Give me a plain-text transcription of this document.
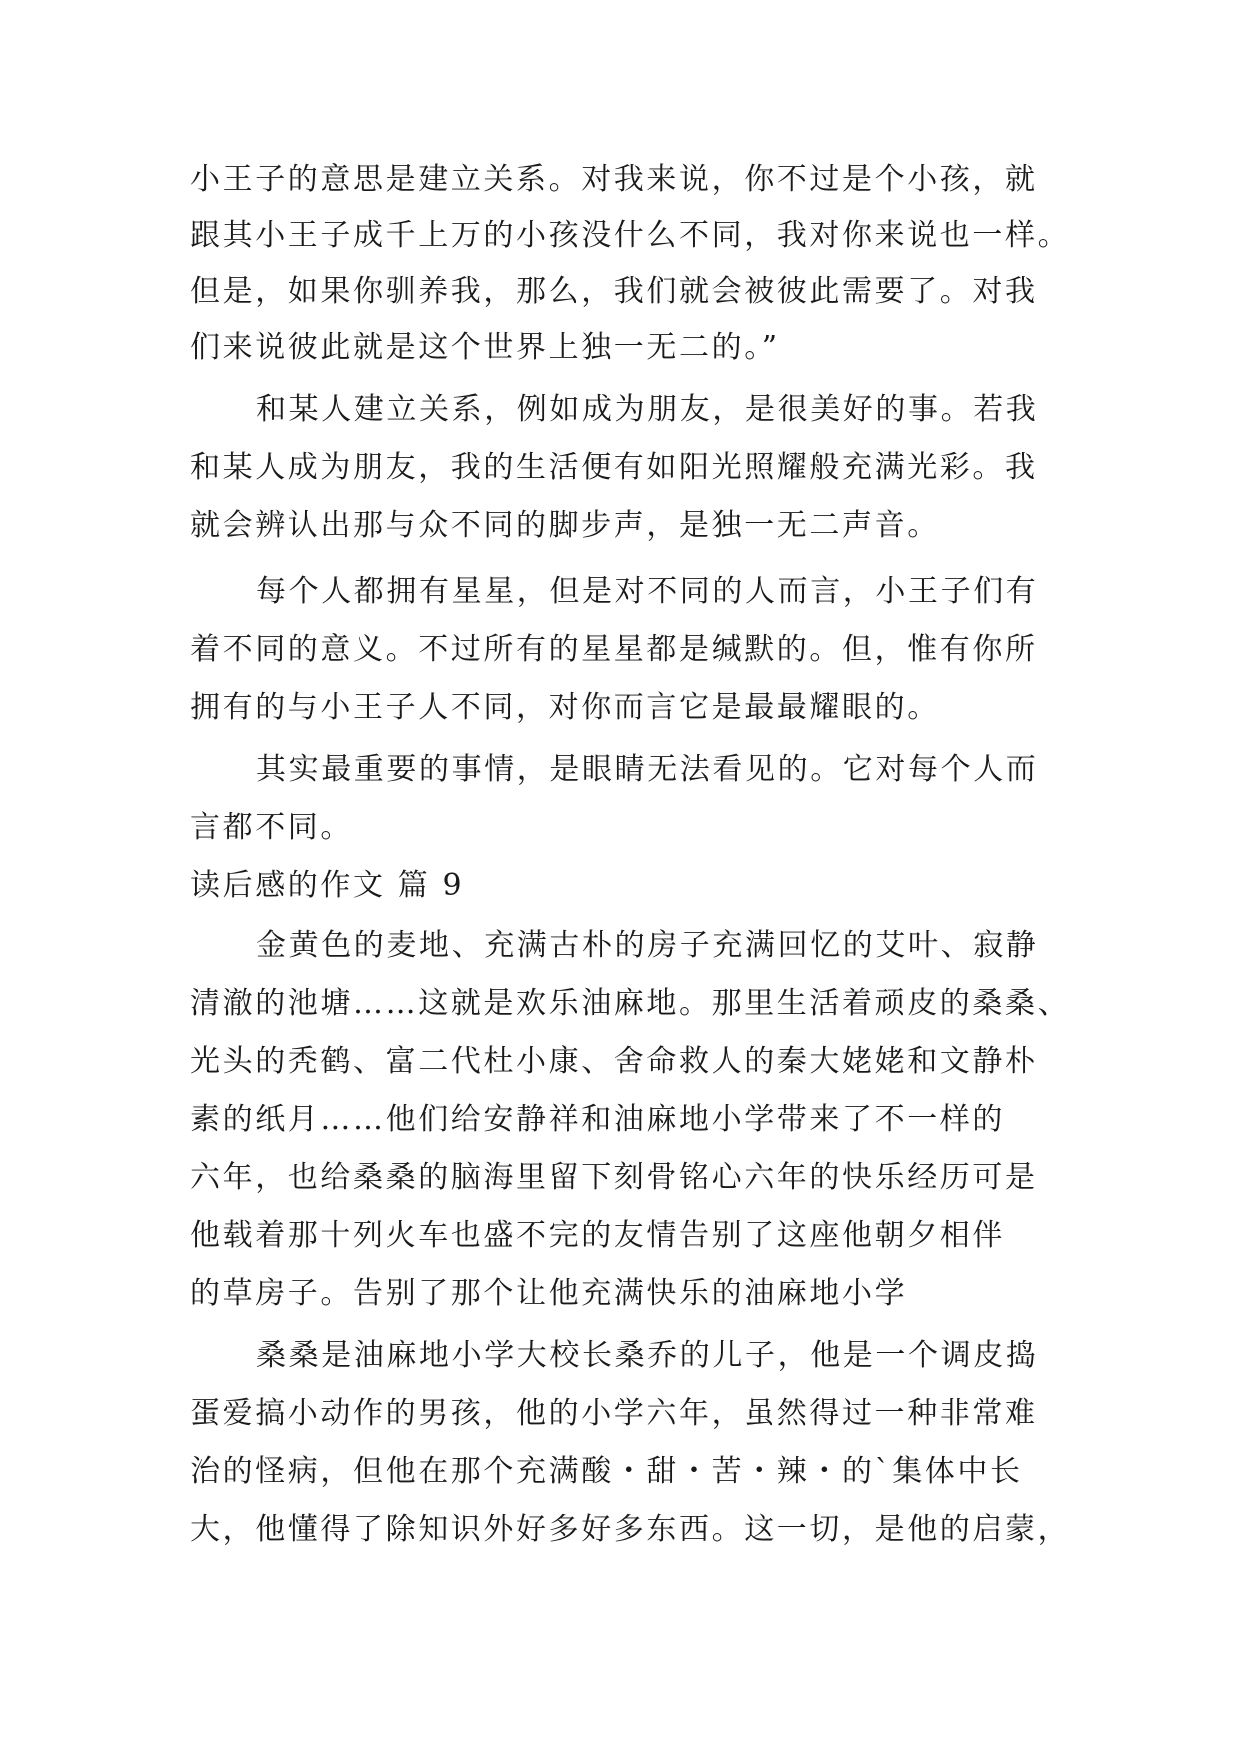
小王子的意思是建立关系。对我来说，你不过是个小孩，就
跟其小王子成千上万的小孩没什么不同，我对你来说也一样。
但是，如果你驯养我，那么，我们就会被彼此需要了。对我
们来说彼此就是这个世界上独一无二的。”
和某人建立关系，例如成为朋友，是很美好的事。若我
和某人成为朋友，我的生活便有如阳光照耀般充满光彩。我
就会辨认出那与众不同的脚步声，是独一无二声音。
每个人都拥有星星，但是对不同的人而言，小王子们有
着不同的意义。不过所有的星星都是缄默的。但，惟有你所
拥有的与小王子人不同，对你而言它是最最耀眼的。
其实最重要的事情，是眼睛无法看见的。它对每个人而
言都不同。
读后感的作文 篇 9
金黄色的麦地、充满古朴的房子充满回忆的艾叶、寂静
清澈的池塘……这就是欢乐油麻地。那里生活着顽皮的桑桑、
光头的秃鹤、富二代杜小康、舍命救人的秦大姥姥和文静朴
素的纸月……他们给安静祥和油麻地小学带来了不一样的
六年，也给桑桑的脑海里留下刻骨铭心六年的快乐经历可是
他载着那十列火车也盛不完的友情告别了这座他朝夕相伴
的草房子。告别了那个让他充满快乐的油麻地小学
桑桑是油麻地小学大校长桑乔的儿子，他是一个调皮捣
蛋爱搞小动作的男孩，他的小学六年，虽然得过一种非常难
治的怪病，但他在那个充满酸・甜・苦・辣・的`集体中长
大，他懂得了除知识外好多好多东西。这一切，是他的启蒙，
